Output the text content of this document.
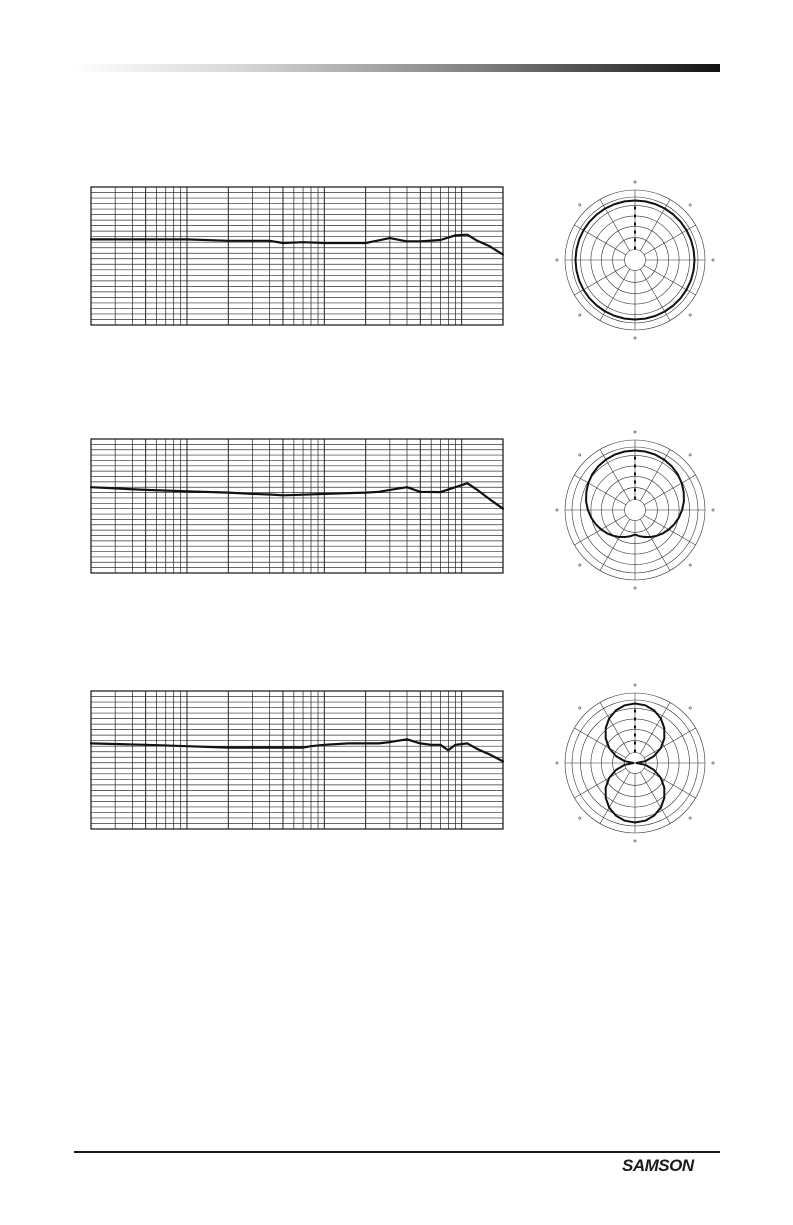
SAMSON
